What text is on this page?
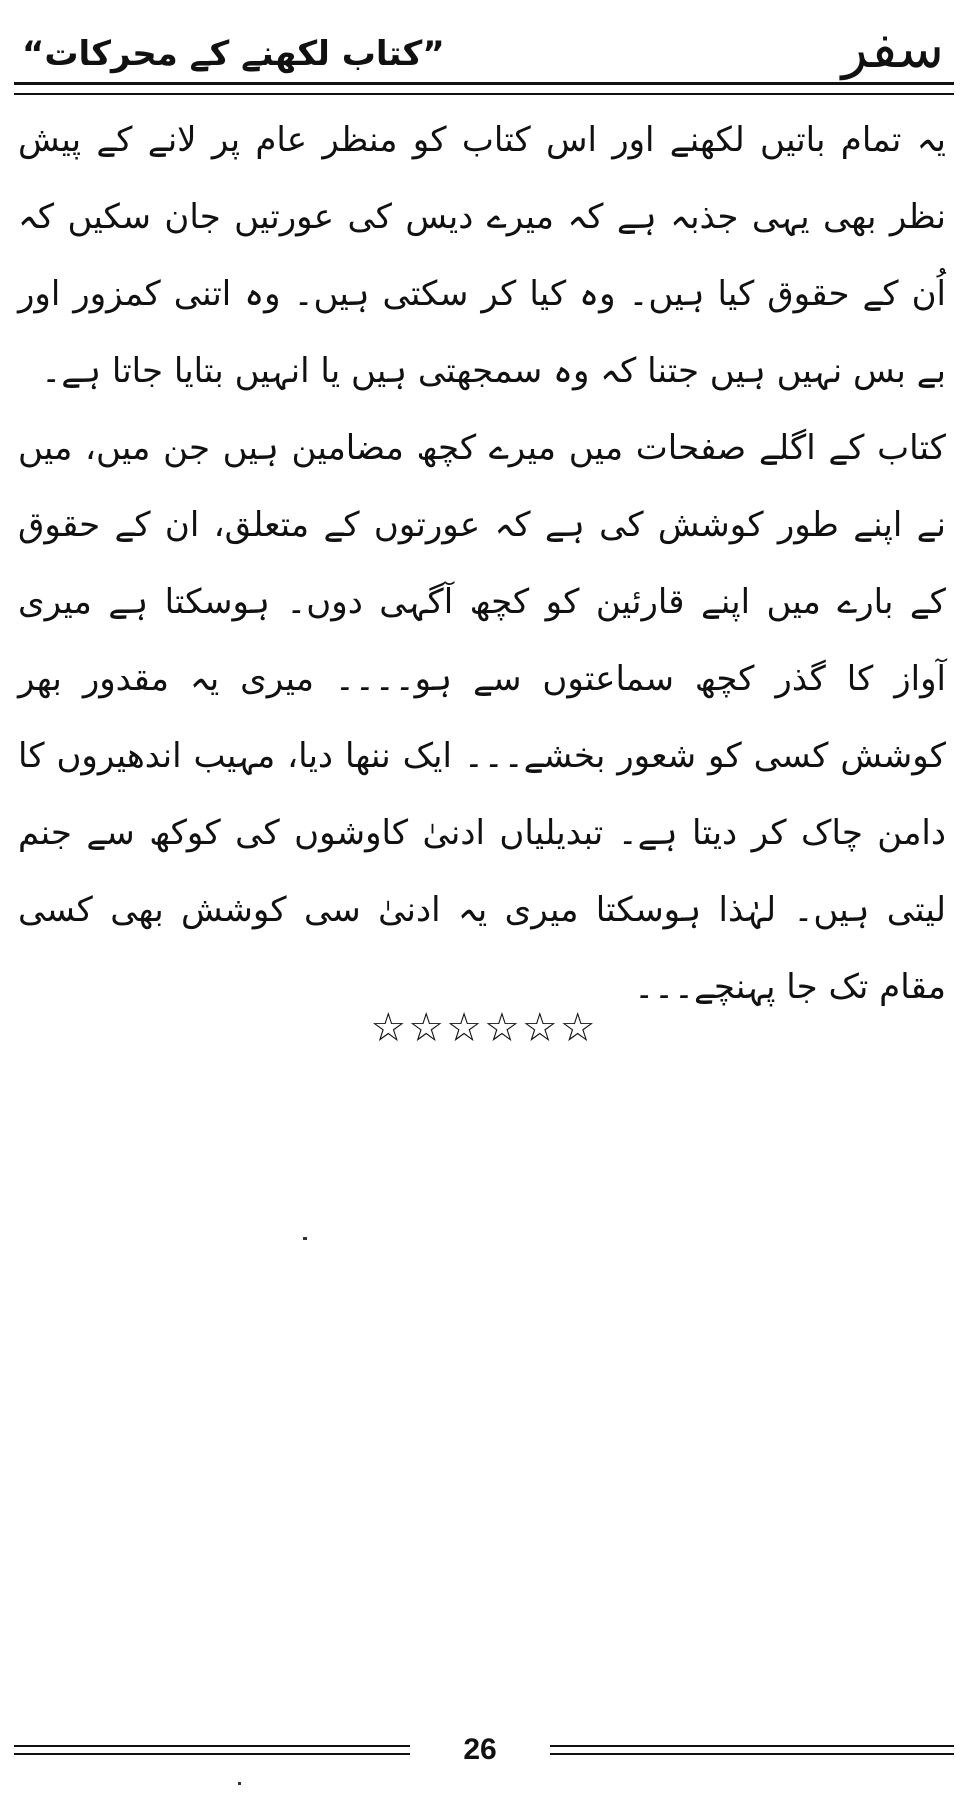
سفر
”کتاب لکھنے کے محرکات“

یہ تمام باتیں لکھنے اور اس کتاب کو منظر عام پر لانے کے پیش نظر بھی یہی جذبہ ہے کہ میرے دیس کی عورتیں جان سکیں کہ اُن کے حقوق کیا ہیں۔ وہ کیا کر سکتی ہیں۔ وہ اتنی کمزور اور بے بس نہیں ہیں جتنا کہ وہ سمجھتی ہیں یا انہیں بتایا جاتا ہے۔

کتاب کے اگلے صفحات میں میرے کچھ مضامین ہیں جن میں، میں نے اپنے طور کوشش کی ہے کہ عورتوں کے متعلق، ان کے حقوق کے بارے میں اپنے قارئین کو کچھ آگہی دوں۔ ہوسکتا ہے میری آواز کا گذر کچھ سماعتوں سے ہو۔۔۔۔ میری یہ مقدور بھر کوشش کسی کو شعور بخشے۔۔۔ ایک ننھا دیا، مہیب اندھیروں کا دامن چاک کر دیتا ہے۔ تبدیلیاں ادنیٰ کاوشوں کی کوکھ سے جنم لیتی ہیں۔ لہٰذا ہوسکتا میری یہ ادنیٰ سی کوشش بھی کسی مقام تک جا پہنچے۔۔۔

☆☆☆☆☆☆
26
